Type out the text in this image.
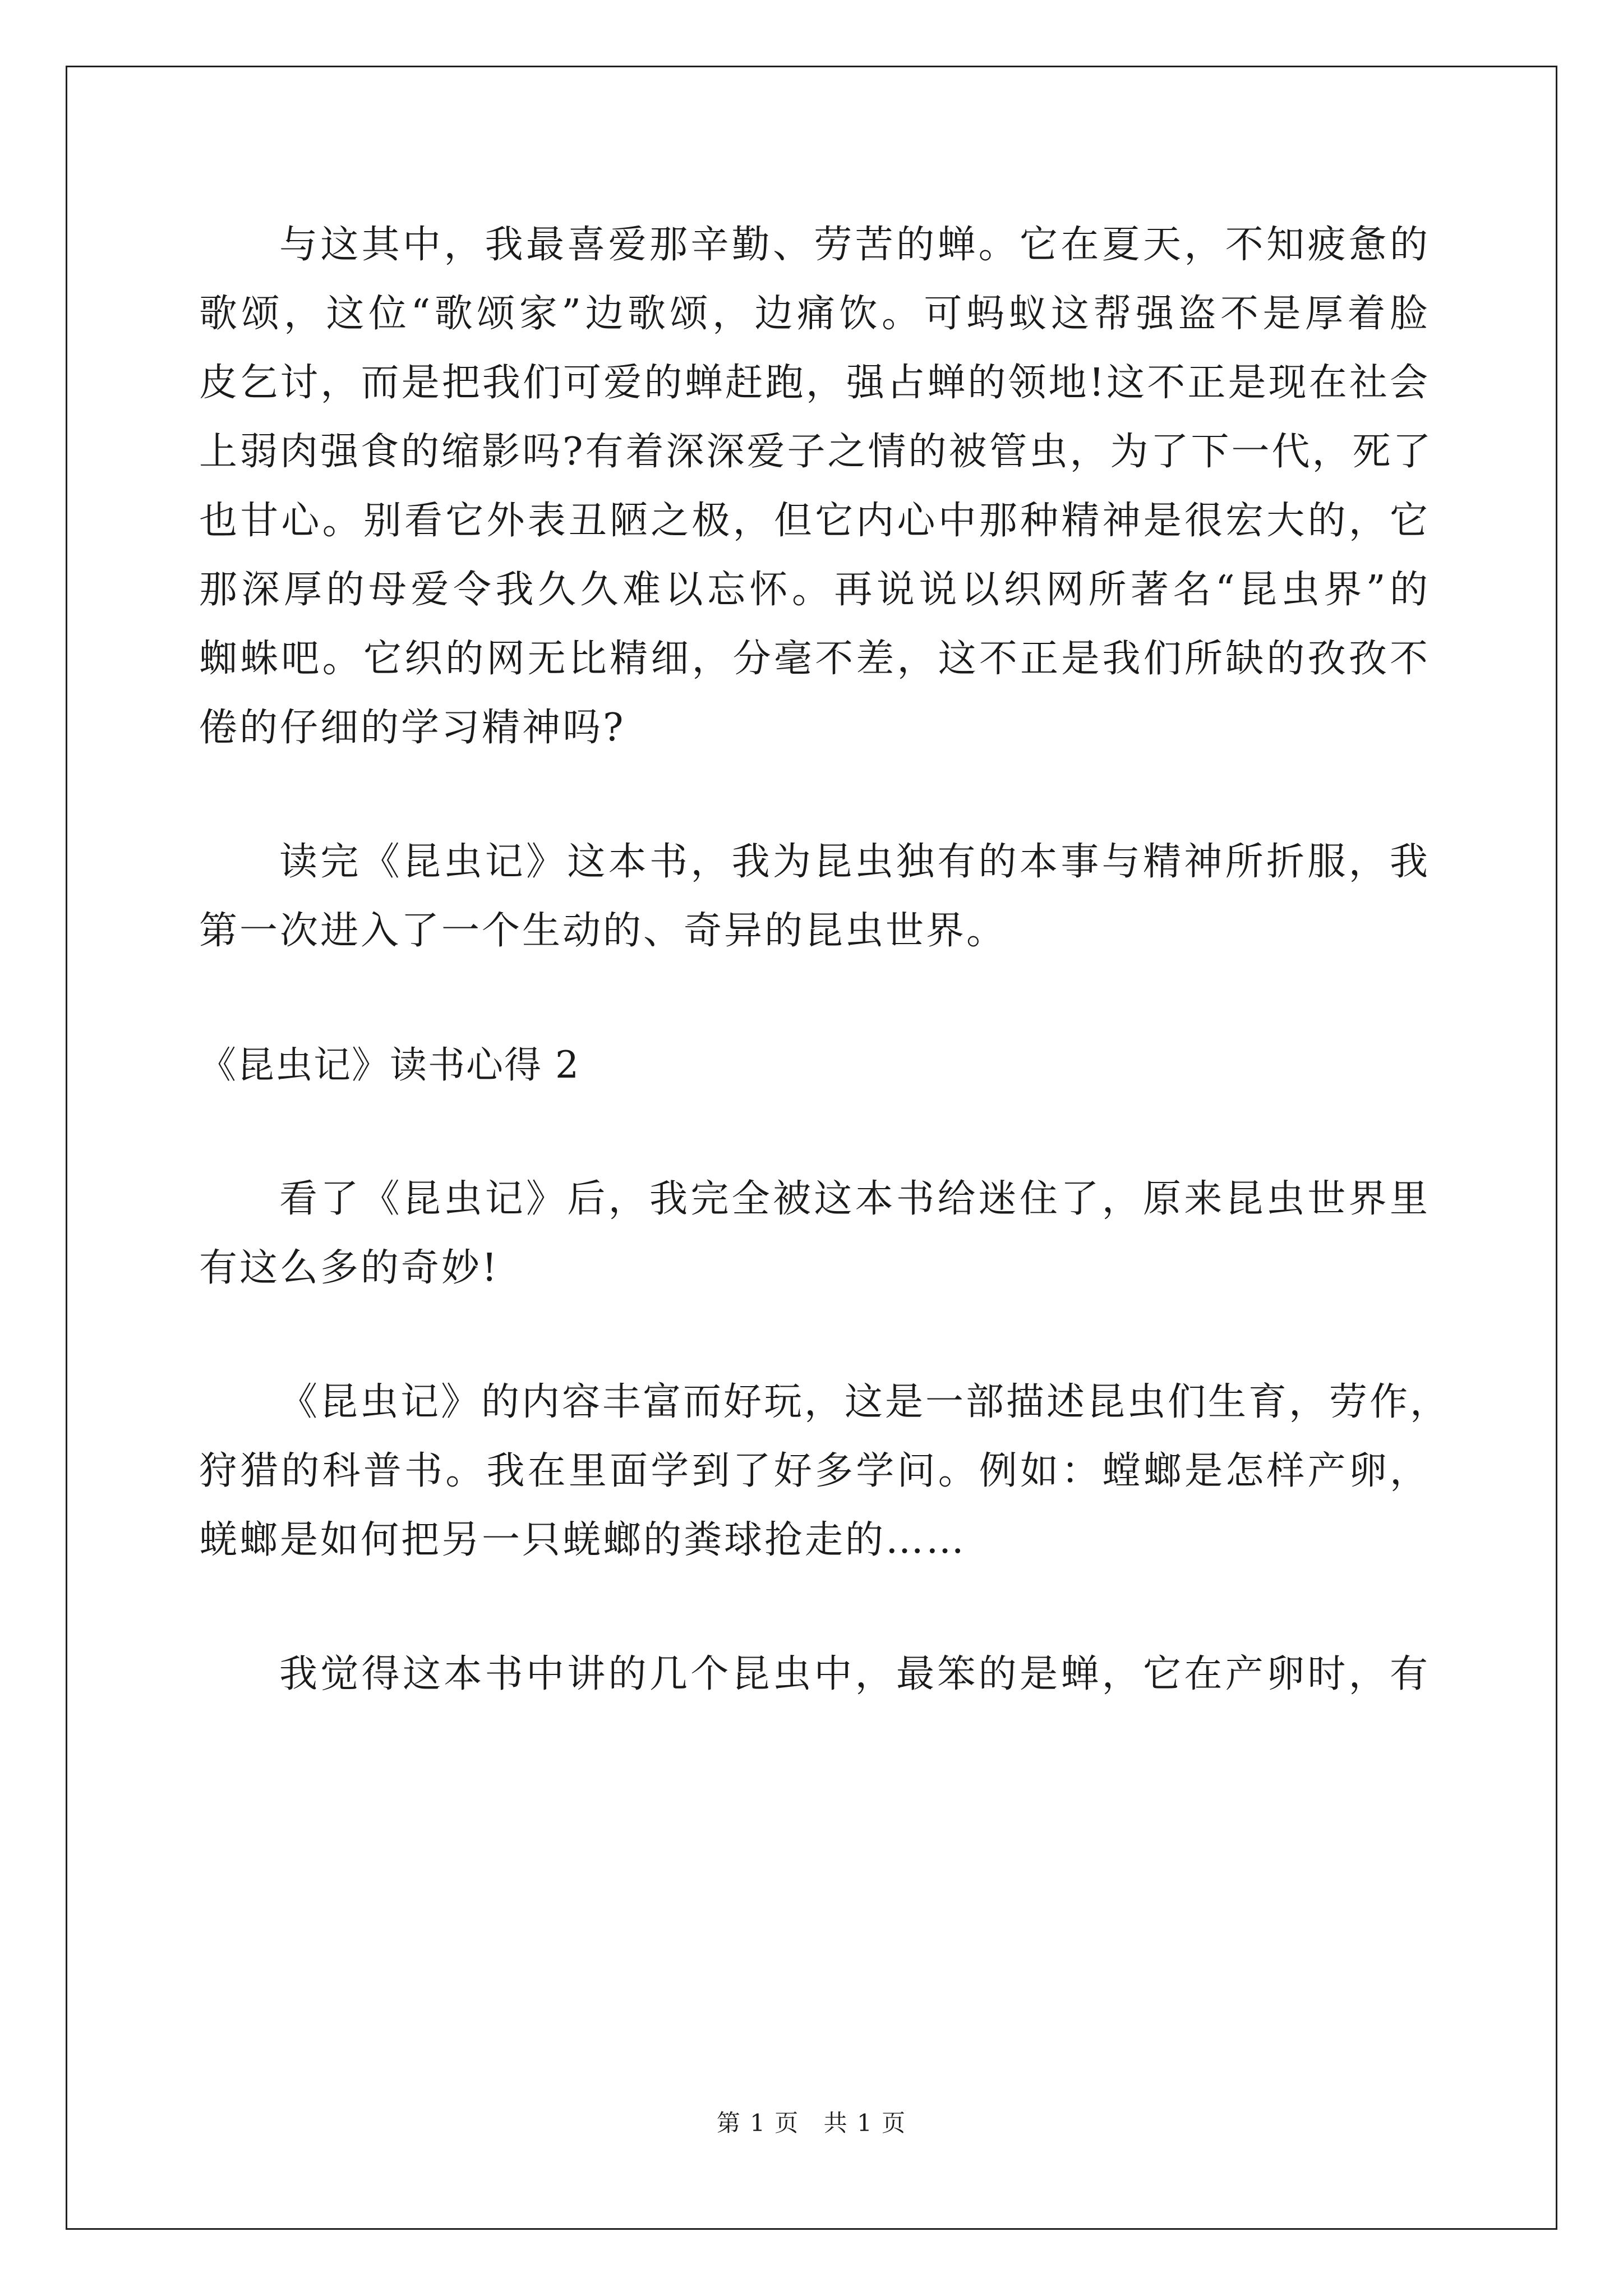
与这其中，我最喜爱那辛勤、劳苦的蝉。它在夏天，不知疲惫的
歌颂，这位“歌颂家”边歌颂，边痛饮。可蚂蚁这帮强盗不是厚着脸
皮乞讨，而是把我们可爱的蝉赶跑，强占蝉的领地!这不正是现在社会
上弱肉强食的缩影吗?有着深深爱子之情的被管虫，为了下一代，死了
也甘心。别看它外表丑陋之极，但它内心中那种精神是很宏大的，它
那深厚的母爱令我久久难以忘怀。再说说以织网所著名“昆虫界”的
蜘蛛吧。它织的网无比精细，分毫不差，这不正是我们所缺的孜孜不
倦的仔细的学习精神吗?
读完《昆虫记》这本书，我为昆虫独有的本事与精神所折服，我
第一次进入了一个生动的、奇异的昆虫世界。
《昆虫记》读书心得 2
看了《昆虫记》后，我完全被这本书给迷住了，原来昆虫世界里
有这么多的奇妙!
《昆虫记》的内容丰富而好玩，这是一部描述昆虫们生育，劳作，
狩猎的科普书。我在里面学到了好多学问。例如：螳螂是怎样产卵，
蜣螂是如何把另一只蜣螂的粪球抢走的……
我觉得这本书中讲的几个昆虫中，最笨的是蝉，它在产卵时，有
第 1 页 共 1 页
